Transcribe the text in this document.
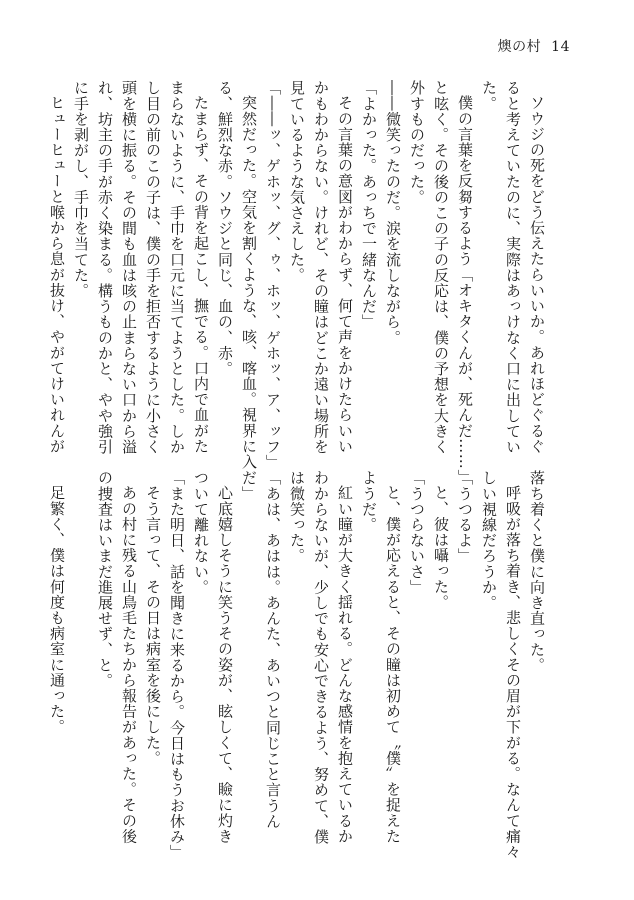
燠の村 14

ソウジの死をどう伝えたらいいか。あれほどぐるぐ

ると考えていたのに、実際はあっけなく口に出してい

た。

僕の言葉を反芻するよう「オキタくんが、死んだ……」

と呟く。その後のこの子の反応は、僕の予想を大きく

外すものだった。

――微笑ったのだ。涙を流しながら。

「よかった。あっちで一緒なんだ」

その言葉の意図がわからず、何て声をかけたらいい

かもわからない。けれど、その瞳はどこか遠い場所を

見ているような気さえした。

「――ッ、ゲホッ、グ、ゥ、ホッ、ゲホッ、ア、ッフ」

突然だった。空気を割くような、咳、喀血。視界に入

る、鮮烈な赤。ソウジと同じ、血の、赤。

たまらず、その背を起こし、撫でる。口内で血がた

まらないように、手巾を口元に当てようとした。しか

し目の前のこの子は、僕の手を拒否するように小さく

頭を横に振る。その間も血は咳の止まらない口から溢

れ、坊主の手が赤く染まる。構うものかと、やや強引

に手を剥がし、手巾を当てた。

ヒューヒューと喉から息が抜け、やがてけいれんが

落ち着くと僕に向き直った。

呼吸が落ち着き、悲しくその眉が下がる。なんて痛々

しい視線だろうか。

「うつるよ」

と、彼は囁った。

「うつらないさ」

と、僕が応えると、その瞳は初めて〝僕〟を捉えた

ようだ。

紅い瞳が大きく揺れる。どんな感情を抱えているか

わからないが、少しでも安心できるよう、努めて、僕

は微笑った。

「あは、あはは。あんた、あいつと同じこと言うん

だ」

心底嬉しそうに笑うその姿が、眩しくて、瞼に灼き

ついて離れない。

「また明日、話を聞きに来るから。今日はもうお休み」

そう言って、その日は病室を後にした。

あの村に残る山鳥毛たちから報告があった。その後

の捜査はいまだ進展せず、と。

足繁く、僕は何度も病室に通った。
